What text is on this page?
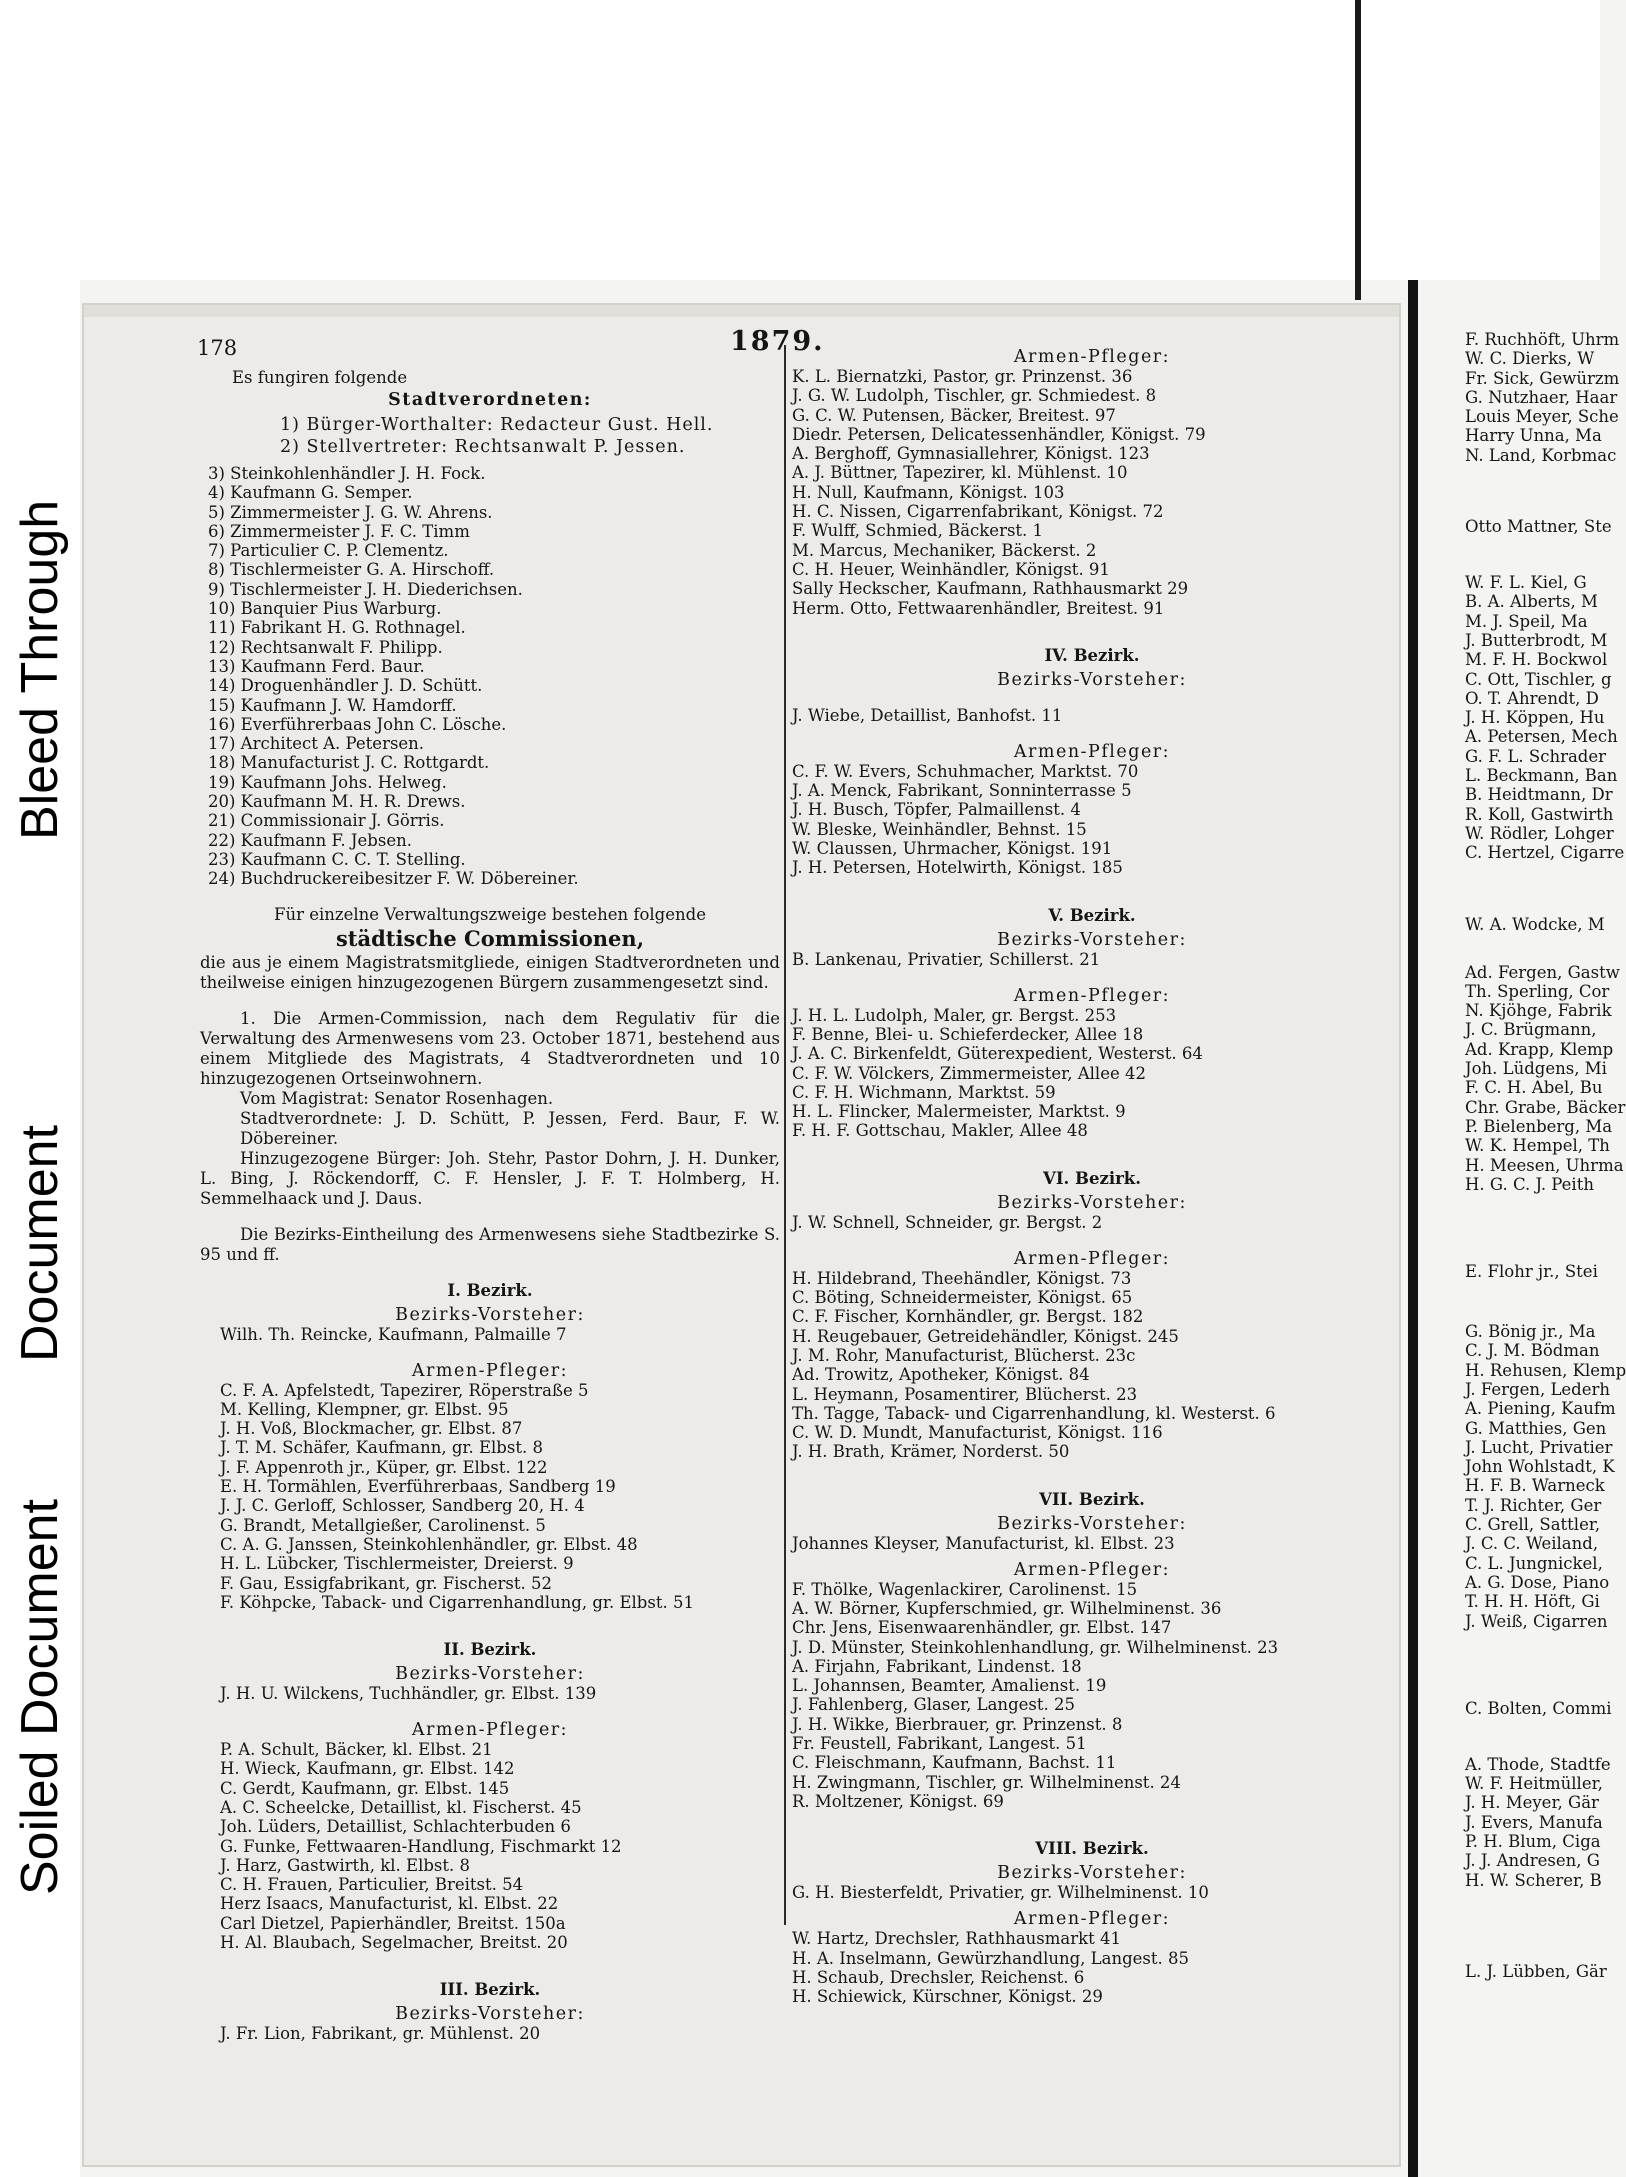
Bleed Through
Document
Soiled Document
178	1879.

Es fungiren folgende

Stadtverordneten:

1) Bürger-Worthalter: Redacteur Gust. Hell.

2) Stellvertreter: Rechtsanwalt P. Jessen.

3) Steinkohlenhändler J. H. Fock.

4) Kaufmann G. Semper.

5) Zimmermeister J. G. W. Ahrens.

6) Zimmermeister J. F. C. Timm

7) Particulier C. P. Clementz.

8) Tischlermeister G. A. Hirschoff.

9) Tischlermeister J. H. Diederichsen.

10) Banquier Pius Warburg.

11) Fabrikant H. G. Rothnagel.

12) Rechtsanwalt F. Philipp.

13) Kaufmann Ferd. Baur.

14) Droguenhändler J. D. Schütt.

15) Kaufmann J. W. Hamdorff.

16) Everführerbaas John C. Lösche.

17) Architect A. Petersen.

18) Manufacturist J. C. Rottgardt.

19) Kaufmann Johs. Helweg.

20) Kaufmann M. H. R. Drews.

21) Commissionair J. Görris.

22) Kaufmann F. Jebsen.

23) Kaufmann C. C. T. Stelling.

24) Buchdruckereibesitzer F. W. Döbereiner.

Für einzelne Verwaltungszweige bestehen folgende

städtische Commissionen,

die aus je einem Magistratsmitgliede, einigen Stadtverordneten und theilweise einigen hinzugezogenen Bürgern zusammengesetzt sind.

1. Die Armen-Commission, nach dem Regulativ für die Verwaltung des Armenwesens vom 23. October 1871, bestehend aus einem Mitgliede des Magistrats, 4 Stadtverordneten und 10 hinzugezogenen Ortseinwohnern.

Vom Magistrat: Senator Rosenhagen.

Stadtverordnete: J. D. Schütt, P. Jessen, Ferd. Baur, F. W. Döbereiner.

Hinzugezogene Bürger: Joh. Stehr, Pastor Dohrn, J. H. Dunker, L. Bing, J. Röckendorff, C. F. Hensler, J. F. T. Holmberg, H. Semmelhaack und J. Daus.

Die Bezirks-Eintheilung des Armenwesens siehe Stadtbezirke S. 95 und ff.

I. Bezirk.

Bezirks-Vorsteher:

Wilh. Th. Reincke, Kaufmann, Palmaille 7

Armen-Pfleger:

C. F. A. Apfelstedt, Tapezirer, Röperstraße 5

M. Kelling, Klempner, gr. Elbst. 95

J. H. Voß, Blockmacher, gr. Elbst. 87

J. T. M. Schäfer, Kaufmann, gr. Elbst. 8

J. F. Appenroth jr., Küper, gr. Elbst. 122

E. H. Tormählen, Everführerbaas, Sandberg 19

J. J. C. Gerloff, Schlosser, Sandberg 20, H. 4

G. Brandt, Metallgießer, Carolinenst. 5

C. A. G. Janssen, Steinkohlenhändler, gr. Elbst. 48

H. L. Lübcker, Tischlermeister, Dreierst. 9

F. Gau, Essigfabrikant, gr. Fischerst. 52

F. Köhpcke, Taback- und Cigarrenhandlung, gr. Elbst. 51

II. Bezirk.

Bezirks-Vorsteher:

J. H. U. Wilckens, Tuchhändler, gr. Elbst. 139

Armen-Pfleger:

P. A. Schult, Bäcker, kl. Elbst. 21

H. Wieck, Kaufmann, gr. Elbst. 142

C. Gerdt, Kaufmann, gr. Elbst. 145

A. C. Scheelcke, Detaillist, kl. Fischerst. 45

Joh. Lüders, Detaillist, Schlachterbuden 6

G. Funke, Fettwaaren-Handlung, Fischmarkt 12

J. Harz, Gastwirth, kl. Elbst. 8

C. H. Frauen, Particulier, Breitst. 54

Herz Isaacs, Manufacturist, kl. Elbst. 22

Carl Dietzel, Papierhändler, Breitst. 150a

H. Al. Blaubach, Segelmacher, Breitst. 20

III. Bezirk.

Bezirks-Vorsteher:

J. Fr. Lion, Fabrikant, gr. Mühlenst. 20

Armen-Pfleger:

K. L. Biernatzki, Pastor, gr. Prinzenst. 36

J. G. W. Ludolph, Tischler, gr. Schmiedest. 8

G. C. W. Putensen, Bäcker, Breitest. 97

Diedr. Petersen, Delicatessenhändler, Königst. 79

A. Berghoff, Gymnasiallehrer, Königst. 123

A. J. Büttner, Tapezirer, kl. Mühlenst. 10

H. Null, Kaufmann, Königst. 103

H. C. Nissen, Cigarrenfabrikant, Königst. 72

F. Wulff, Schmied, Bäckerst. 1

M. Marcus, Mechaniker, Bäckerst. 2

C. H. Heuer, Weinhändler, Königst. 91

Sally Heckscher, Kaufmann, Rathhausmarkt 29

Herm. Otto, Fettwaarenhändler, Breitest. 91

IV. Bezirk.

Bezirks-Vorsteher:

J. Wiebe, Detaillist, Banhofst. 11

Armen-Pfleger:

C. F. W. Evers, Schuhmacher, Marktst. 70

J. A. Menck, Fabrikant, Sonninterrasse 5

J. H. Busch, Töpfer, Palmaillenst. 4

W. Bleske, Weinhändler, Behnst. 15

W. Claussen, Uhrmacher, Königst. 191

J. H. Petersen, Hotelwirth, Königst. 185

V. Bezirk.

Bezirks-Vorsteher:

B. Lankenau, Privatier, Schillerst. 21

Armen-Pfleger:

J. H. L. Ludolph, Maler, gr. Bergst. 253

F. Benne, Blei- u. Schieferdecker, Allee 18

J. A. C. Birkenfeldt, Güterexpedient, Westerst. 64

C. F. W. Völckers, Zimmermeister, Allee 42

C. F. H. Wichmann, Marktst. 59

H. L. Flincker, Malermeister, Marktst. 9

F. H. F. Gottschau, Makler, Allee 48

VI. Bezirk.

Bezirks-Vorsteher:

J. W. Schnell, Schneider, gr. Bergst. 2

Armen-Pfleger:

H. Hildebrand, Theehändler, Königst. 73

C. Böting, Schneidermeister, Königst. 65

C. F. Fischer, Kornhändler, gr. Bergst. 182

H. Reugebauer, Getreidehändler, Königst. 245

J. M. Rohr, Manufacturist, Blücherst. 23c

Ad. Trowitz, Apotheker, Königst. 84

L. Heymann, Posamentirer, Blücherst. 23

Th. Tagge, Taback- und Cigarrenhandlung, kl. Westerst. 6

C. W. D. Mundt, Manufacturist, Königst. 116

J. H. Brath, Krämer, Norderst. 50

VII. Bezirk.

Bezirks-Vorsteher:

Johannes Kleyser, Manufacturist, kl. Elbst. 23

Armen-Pfleger:

F. Thölke, Wagenlackirer, Carolinenst. 15

A. W. Börner, Kupferschmied, gr. Wilhelminenst. 36

Chr. Jens, Eisenwaarenhändler, gr. Elbst. 147

J. D. Münster, Steinkohlenhandlung, gr. Wilhelminenst. 23

A. Firjahn, Fabrikant, Lindenst. 18

L. Johannsen, Beamter, Amalienst. 19

J. Fahlenberg, Glaser, Langest. 25

J. H. Wikke, Bierbrauer, gr. Prinzenst. 8

Fr. Feustell, Fabrikant, Langest. 51

C. Fleischmann, Kaufmann, Bachst. 11

H. Zwingmann, Tischler, gr. Wilhelminenst. 24

R. Moltzener, Königst. 69

VIII. Bezirk.

Bezirks-Vorsteher:

G. H. Biesterfeldt, Privatier, gr. Wilhelminenst. 10

Armen-Pfleger:

W. Hartz, Drechsler, Rathhausmarkt 41

H. A. Inselmann, Gewürzhandlung, Langest. 85

H. Schaub, Drechsler, Reichenst. 6

H. Schiewick, Kürschner, Königst. 29

F. Ruchhöft, Uhrm

W. C. Dierks, W

Fr. Sick, Gewürzm

G. Nutzhaer, Haar

Louis Meyer, Sche

Harry Unna, Ma

N. Land, Korbmac

Otto Mattner, Ste

W. F. L. Kiel, G

B. A. Alberts, M

M. J. Speil, Ma

J. Butterbrodt, M

M. F. H. Bockwol

C. Ott, Tischler, g

O. T. Ahrendt, D

J. H. Köppen, Hu

A. Petersen, Mech

G. F. L. Schrader

L. Beckmann, Ban

B. Heidtmann, Dr

R. Koll, Gastwirth

W. Rödler, Lohger

C. Hertzel, Cigarre

W. A. Wodcke, M

Ad. Fergen, Gastw

Th. Sperling, Cor

N. Kjöhge, Fabrik

J. C. Brügmann,

Ad. Krapp, Klemp

Joh. Lüdgens, Mi

F. C. H. Abel, Bu

Chr. Grabe, Bäcker

P. Bielenberg, Ma

W. K. Hempel, Th

H. Meesen, Uhrma

H. G. C. J. Peith

E. Flohr jr., Stei

G. Bönig jr., Ma

C. J. M. Bödman

H. Rehusen, Klemp

J. Fergen, Lederh

A. Piening, Kaufm

G. Matthies, Gen

J. Lucht, Privatier

John Wohlstadt, K

H. F. B. Warneck

T. J. Richter, Ger

C. Grell, Sattler,

J. C. C. Weiland,

C. L. Jungnickel,

A. G. Dose, Piano

T. H. H. Höft, Gi

J. Weiß, Cigarren

C. Bolten, Commi

A. Thode, Stadtfe

W. F. Heitmüller,

J. H. Meyer, Gär

J. Evers, Manufa

P. H. Blum, Ciga

J. J. Andresen, G

H. W. Scherer, B

L. J. Lübben, Gär
